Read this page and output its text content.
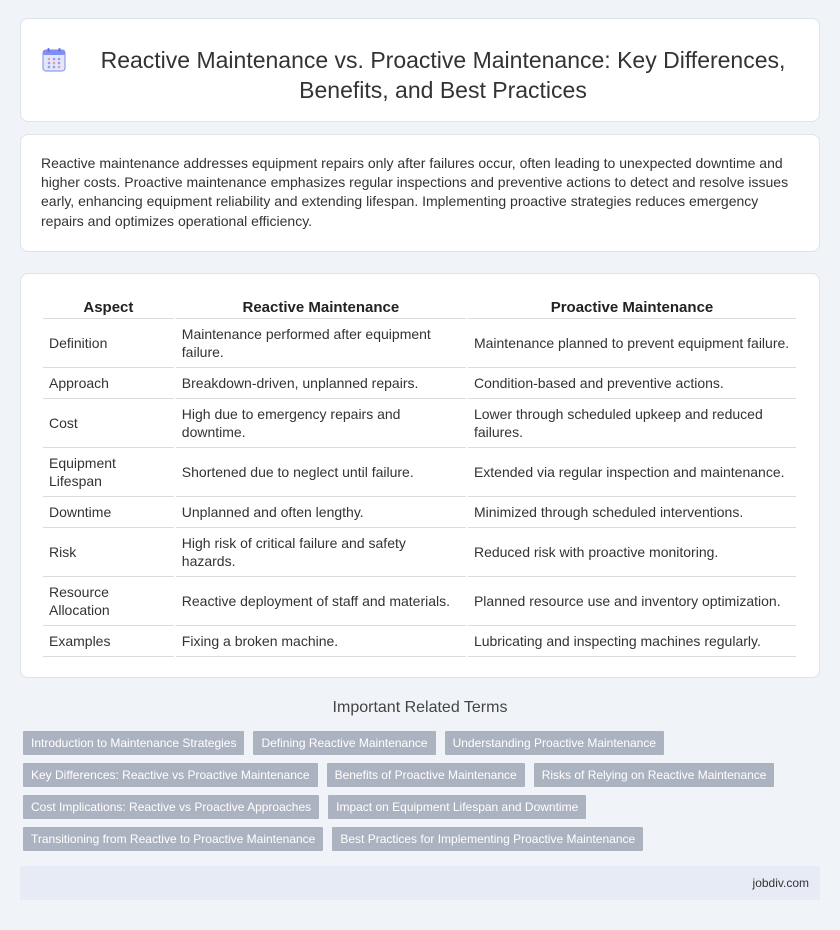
Reactive Maintenance vs. Proactive Maintenance: Key Differences, Benefits, and Best Practices

Reactive maintenance addresses equipment repairs only after failures occur, often leading to unexpected downtime and higher costs. Proactive maintenance emphasizes regular inspections and preventive actions to detect and resolve issues early, enhancing equipment reliability and extending lifespan. Implementing proactive strategies reduces emergency repairs and optimizes operational efficiency.

Aspect	Reactive Maintenance	Proactive Maintenance
Definition	Maintenance performed after equipment failure.	Maintenance planned to prevent equipment failure.
Approach	Breakdown-driven, unplanned repairs.	Condition-based and preventive actions.
Cost	High due to emergency repairs and downtime.	Lower through scheduled upkeep and reduced failures.
Equipment Lifespan	Shortened due to neglect until failure.	Extended via regular inspection and maintenance.
Downtime	Unplanned and often lengthy.	Minimized through scheduled interventions.
Risk	High risk of critical failure and safety hazards.	Reduced risk with proactive monitoring.
Resource Allocation	Reactive deployment of staff and materials.	Planned resource use and inventory optimization.
Examples	Fixing a broken machine.	Lubricating and inspecting machines regularly.
Important Related Terms
Introduction to Maintenance Strategies	Defining Reactive Maintenance	Understanding Proactive Maintenance
Key Differences: Reactive vs Proactive Maintenance	Benefits of Proactive Maintenance	Risks of Relying on Reactive Maintenance
Cost Implications: Reactive vs Proactive Approaches	Impact on Equipment Lifespan and Downtime
Transitioning from Reactive to Proactive Maintenance	Best Practices for Implementing Proactive Maintenance
jobdiv.com
